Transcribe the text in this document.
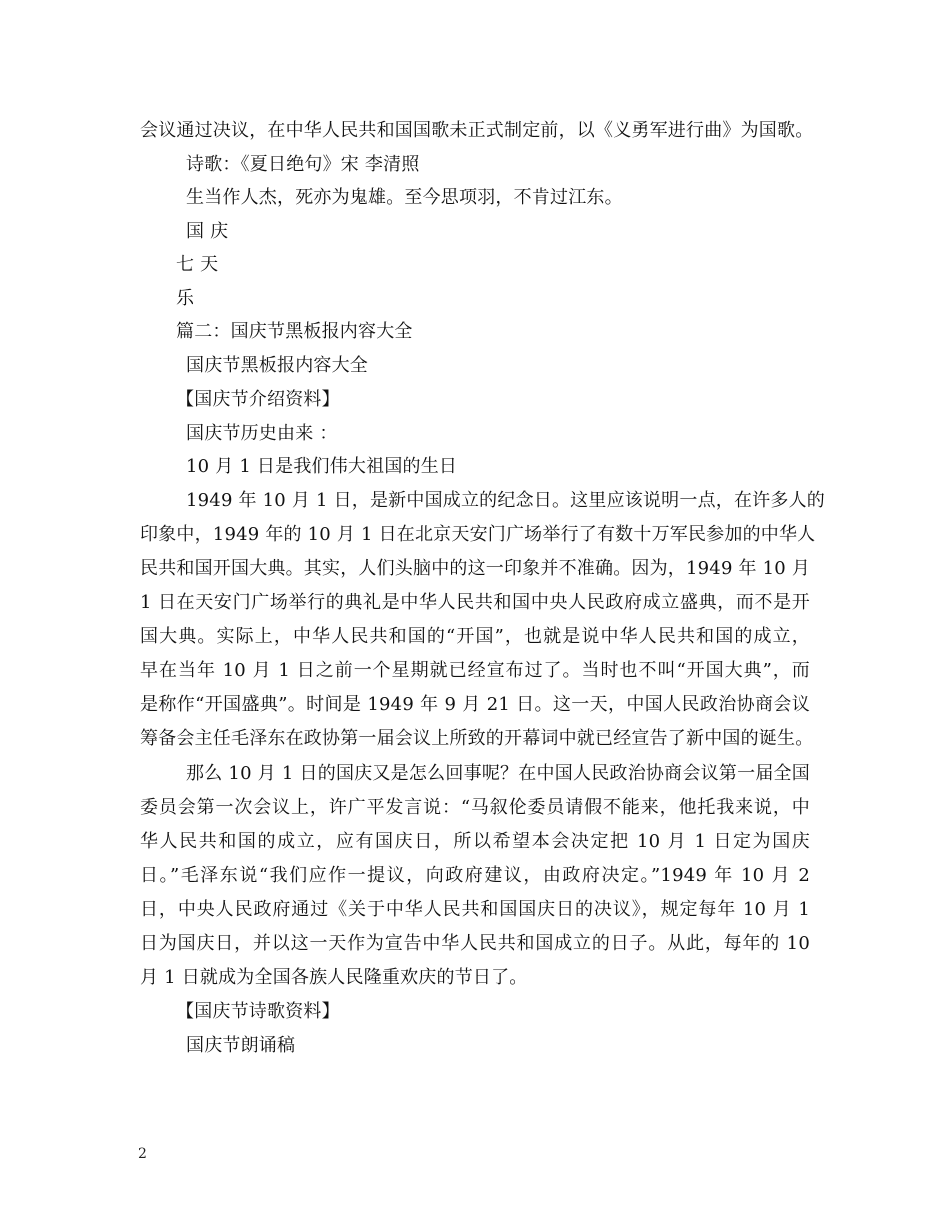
会议通过决议，在中华人民共和国国歌未正式制定前，以《义勇军进行曲》为国歌。
诗歌：《夏日绝句》宋 李清照
生当作人杰，死亦为鬼雄。至今思项羽，不肯过江东。
国 庆
七 天
乐
篇二：国庆节黑板报内容大全
国庆节黑板报内容大全
【国庆节介绍资料】
国庆节历史由来 ：
10 月 1 日是我们伟大祖国的生日
1949 年 10 月 1 日，是新中国成立的纪念日。这里应该说明一点，在许多人的
印象中，1949 年的 10 月 1 日在北京天安门广场举行了有数十万军民参加的中华人
民共和国开国大典。其实，人们头脑中的这一印象并不准确。因为，1949 年 10 月
1 日在天安门广场举行的典礼是中华人民共和国中央人民政府成立盛典，而不是开
国大典。实际上，中华人民共和国的“开国”，也就是说中华人民共和国的成立，
早在当年 10 月 1 日之前一个星期就已经宣布过了。当时也不叫“开国大典”，而
是称作“开国盛典”。时间是 1949 年 9 月 21 日。这一天，中国人民政治协商会议
筹备会主任毛泽东在政协第一届会议上所致的开幕词中就已经宣告了新中国的诞生。
那么 10 月 1 日的国庆又是怎么回事呢？在中国人民政治协商会议第一届全国
委员会第一次会议上，许广平发言说：“马叙伦委员请假不能来，他托我来说，中
华人民共和国的成立，应有国庆日，所以希望本会决定把 10 月 1 日定为国庆
日。”毛泽东说“我们应作一提议，向政府建议，由政府决定。”1949 年 10 月 2
日，中央人民政府通过《关于中华人民共和国国庆日的决议》，规定每年 10 月 1
日为国庆日，并以这一天作为宣告中华人民共和国成立的日子。从此，每年的 10
月 1 日就成为全国各族人民隆重欢庆的节日了。
【国庆节诗歌资料】
国庆节朗诵稿
2
